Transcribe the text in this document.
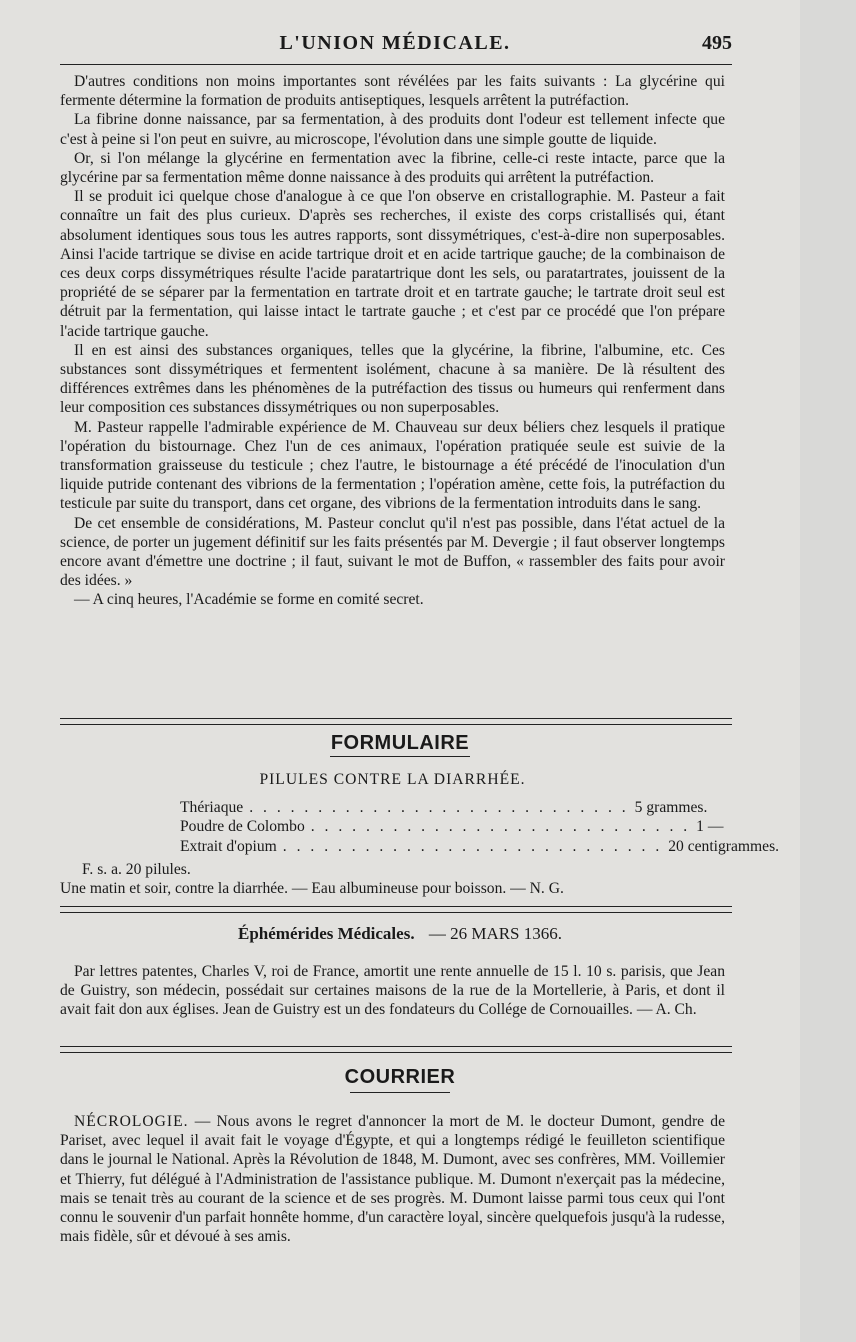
L'UNION MÉDICALE.	495

D'autres conditions non moins importantes sont révélées par les faits suivants : La glycérine qui fermente détermine la formation de produits antiseptiques, lesquels arrêtent la putréfaction.

La fibrine donne naissance, par sa fermentation, à des produits dont l'odeur est tellement infecte que c'est à peine si l'on peut en suivre, au microscope, l'évolution dans une simple goutte de liquide.

Or, si l'on mélange la glycérine en fermentation avec la fibrine, celle-ci reste intacte, parce que la glycérine par sa fermentation même donne naissance à des produits qui arrêtent la putréfaction.

Il se produit ici quelque chose d'analogue à ce que l'on observe en cristallographie. M. Pasteur a fait connaître un fait des plus curieux. D'après ses recherches, il existe des corps cristallisés qui, étant absolument identiques sous tous les autres rapports, sont dissymétriques, c'est-à-dire non superposables. Ainsi l'acide tartrique se divise en acide tartrique droit et en acide tartrique gauche; de la combinaison de ces deux corps dissymétriques résulte l'acide paratartrique dont les sels, ou paratartrates, jouissent de la propriété de se séparer par la fermentation en tartrate droit et en tartrate gauche; le tartrate droit seul est détruit par la fermentation, qui laisse intact le tartrate gauche ; et c'est par ce procédé que l'on prépare l'acide tartrique gauche.

Il en est ainsi des substances organiques, telles que la glycérine, la fibrine, l'albumine, etc. Ces substances sont dissymétriques et fermentent isolément, chacune à sa manière. De là résultent des différences extrêmes dans les phénomènes de la putréfaction des tissus ou humeurs qui renferment dans leur composition ces substances dissymétriques ou non superposables.

M. Pasteur rappelle l'admirable expérience de M. Chauveau sur deux béliers chez lesquels il pratique l'opération du bistournage. Chez l'un de ces animaux, l'opération pratiquée seule est suivie de la transformation graisseuse du testicule ; chez l'autre, le bistournage a été précédé de l'inoculation d'un liquide putride contenant des vibrions de la fermentation ; l'opération amène, cette fois, la putréfaction du testicule par suite du transport, dans cet organe, des vibrions de la fermentation introduits dans le sang.

De cet ensemble de considérations, M. Pasteur conclut qu'il n'est pas possible, dans l'état actuel de la science, de porter un jugement définitif sur les faits présentés par M. Devergie ; il faut observer longtemps encore avant d'émettre une doctrine ; il faut, suivant le mot de Buffon, « rassembler des faits pour avoir des idées. »

— A cinq heures, l'Académie se forme en comité secret.

FORMULAIRE
PILULES CONTRE LA DIARRHÉE.
Thériaque . . . . . . . . . . . . . . . . . . . . . . . . . . . . 5 grammes.
Poudre de Colombo . . . . . . . . . . . . . . . . . . . . . . . . . . . . 1 —
Extrait d'opium . . . . . . . . . . . . . . . . . . . . . . . . . . . . 20 centigrammes.
F. s. a. 20 pilules.
Une matin et soir, contre la diarrhée. — Eau albumineuse pour boisson. — N. G.
Éphémérides Médicales. — 26 MARS 1366.

Par lettres patentes, Charles V, roi de France, amortit une rente annuelle de 15 l. 10 s. parisis, que Jean de Guistry, son médecin, possédait sur certaines maisons de la rue de la Mortellerie, à Paris, et dont il avait fait don aux églises. Jean de Guistry est un des fondateurs du Collége de Cornouailles. — A. Ch.

COURRIER

NÉCROLOGIE. — Nous avons le regret d'annoncer la mort de M. le docteur Dumont, gendre de Pariset, avec lequel il avait fait le voyage d'Égypte, et qui a longtemps rédigé le feuilleton scientifique dans le journal le National. Après la Révolution de 1848, M. Dumont, avec ses confrères, MM. Voillemier et Thierry, fut délégué à l'Administration de l'assistance publique. M. Dumont n'exerçait pas la médecine, mais se tenait très au courant de la science et de ses progrès. M. Dumont laisse parmi tous ceux qui l'ont connu le souvenir d'un parfait honnête homme, d'un caractère loyal, sincère quelquefois jusqu'à la rudesse, mais fidèle, sûr et dévoué à ses amis.
